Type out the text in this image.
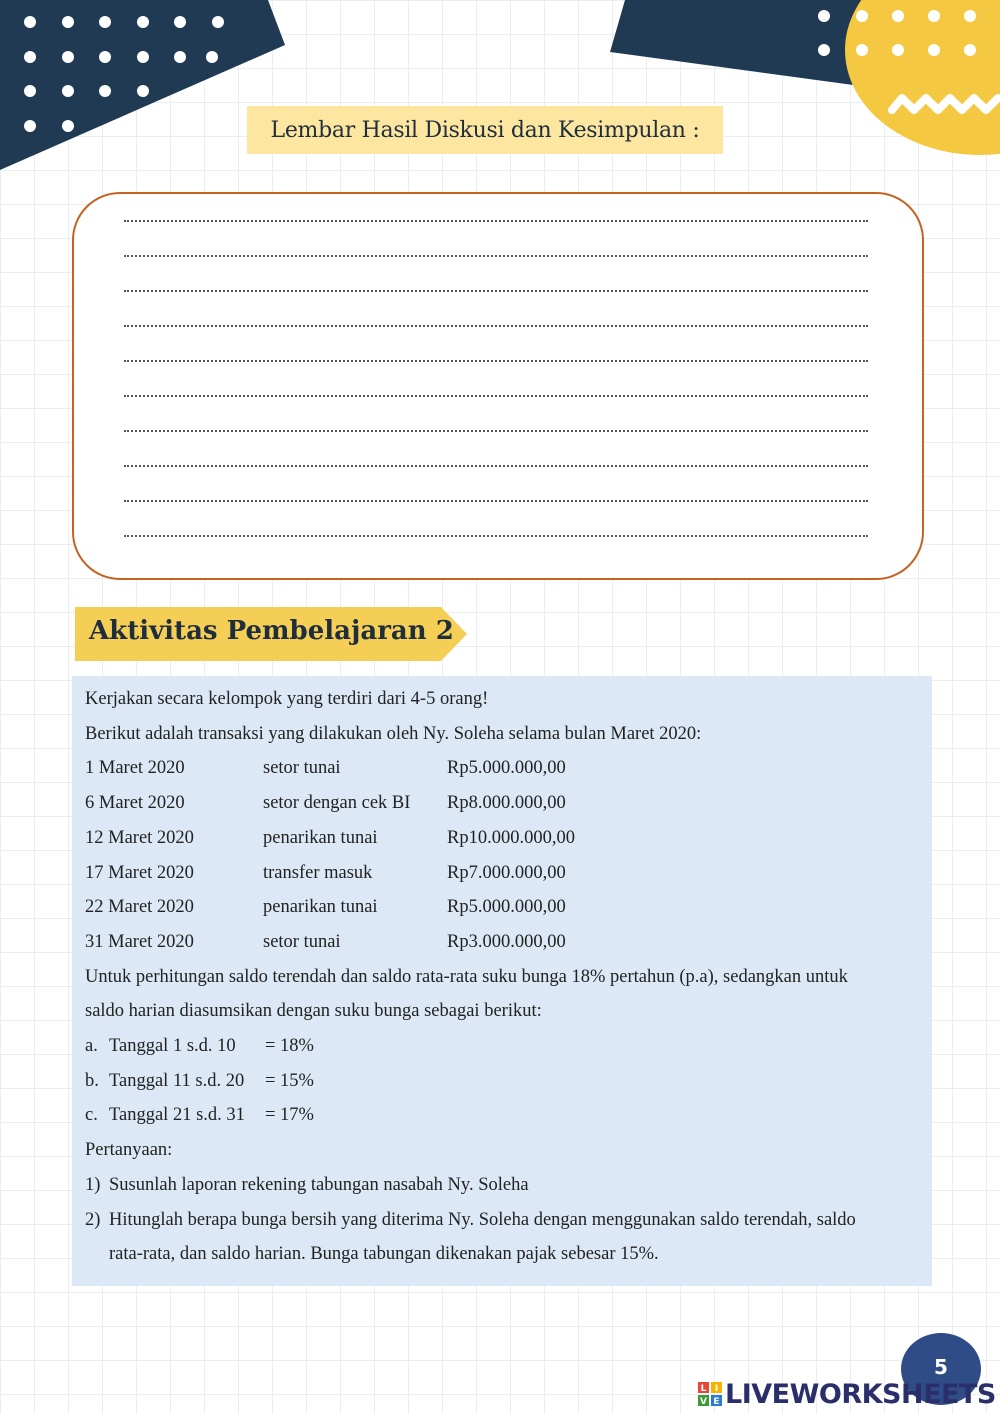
Lembar Hasil Diskusi dan Kesimpulan :
Aktivitas Pembelajaran 2
Kerjakan secara kelompok yang terdiri dari 4-5 orang!
Berikut adalah transaksi yang dilakukan oleh Ny. Soleha selama bulan Maret 2020:
1 Maret 2020	setor tunai	Rp5.000.000,00
6 Maret 2020	setor dengan cek BI	Rp8.000.000,00
12 Maret 2020	penarikan tunai	Rp10.000.000,00
17 Maret 2020	transfer masuk	Rp7.000.000,00
22 Maret 2020	penarikan tunai	Rp5.000.000,00
31 Maret 2020	setor tunai	Rp3.000.000,00
Untuk perhitungan saldo terendah dan saldo rata-rata suku bunga 18% pertahun (p.a), sedangkan untuk
saldo harian diasumsikan dengan suku bunga sebagai berikut:
a. Tanggal 1 s.d. 10	= 18%
b. Tanggal 11 s.d. 20	= 15%
c. Tanggal 21 s.d. 31	= 17%
Pertanyaan:
1) Susunlah laporan rekening tabungan nasabah Ny. Soleha
2) Hitunglah berapa bunga bersih yang diterima Ny. Soleha dengan menggunakan saldo terendah, saldo
rata-rata, dan saldo harian. Bunga tabungan dikenakan pajak sebesar 15%.
5
L I
V E LIVEWORKSHEETS
